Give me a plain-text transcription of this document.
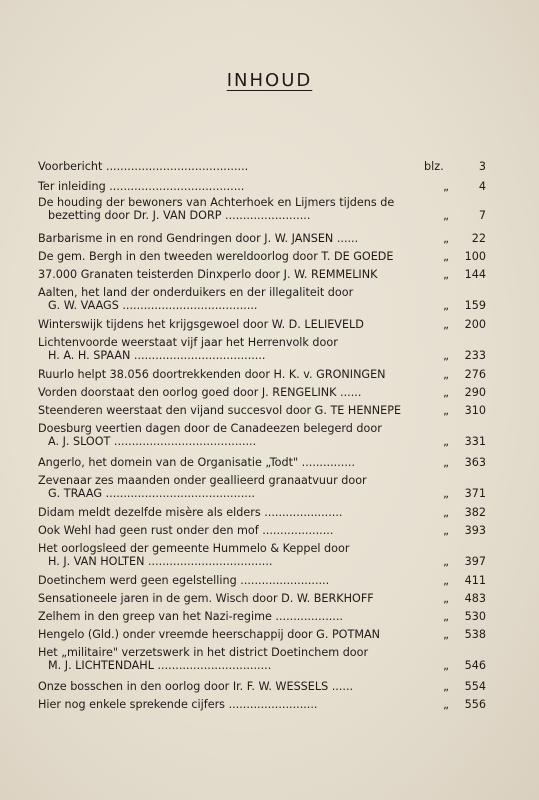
INHOUD
Voorbericht ........................................	blz.	3
Ter inleiding ......................................	„	4
De houding der bewoners van Achterhoek en Lijmers tijdens de
bezetting door Dr. J. VAN DORP ........................	„	7
Barbarisme in en rond Gendringen door J. W. JANSEN ......	„	22
De gem. Bergh in den tweeden wereldoorlog door T. DE GOEDE	„	100
37.000 Granaten teisterden Dinxperlo door J. W. REMMELINK	„	144
Aalten, het land der onderduikers en der illegaliteit door
G. W. VAAGS ......................................	„	159
Winterswijk tijdens het krijgsgewoel door W. D. LELIEVELD	„	200
Lichtenvoorde weerstaat vijf jaar het Herrenvolk door
H. A. H. SPAAN .....................................	„	233
Ruurlo helpt 38.056 doortrekkenden door H. K. v. GRONINGEN	„	276
Vorden doorstaat den oorlog goed door J. RENGELINK ......	„	290
Steenderen weerstaat den vijand succesvol door G. TE HENNEPE	„	310
Doesburg veertien dagen door de Canadeezen belegerd door
A. J. SLOOT ........................................	„	331
Angerlo, het domein van de Organisatie „Todt" ...............	„	363
Zevenaar zes maanden onder geallieerd granaatvuur door
G. TRAAG ..........................................	„	371
Didam meldt dezelfde misère als elders ......................	„	382
Ook Wehl had geen rust onder den mof ....................	„	393
Het oorlogsleed der gemeente Hummelo & Keppel door
H. J. VAN HOLTEN ...................................	„	397
Doetinchem werd geen egelstelling .........................	„	411
Sensationeele jaren in de gem. Wisch door D. W. BERKHOFF	„	483
Zelhem in den greep van het Nazi-regime ...................	„	530
Hengelo (Gld.) onder vreemde heerschappij door G. POTMAN	„	538
Het „militaire" verzetswerk in het district Doetinchem door
M. J. LICHTENDAHL ................................	„	546
Onze bosschen in den oorlog door Ir. F. W. WESSELS ......	„	554
Hier nog enkele sprekende cijfers .........................	„	556
